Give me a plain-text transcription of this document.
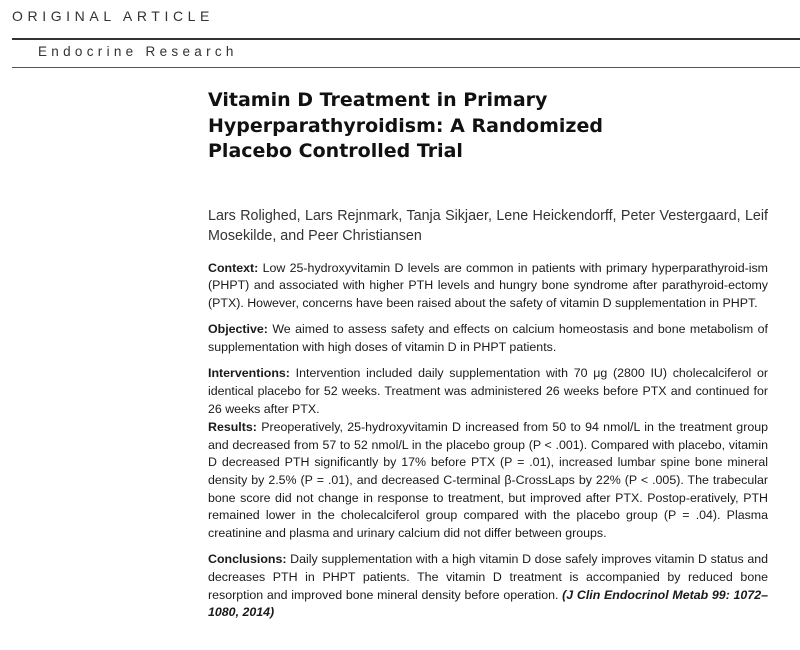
ORIGINAL ARTICLE
Endocrine Research
Vitamin D Treatment in Primary Hyperparathyroidism: A Randomized Placebo Controlled Trial
Lars Rolighed, Lars Rejnmark, Tanja Sikjaer, Lene Heickendorff, Peter Vestergaard, Leif Mosekilde, and Peer Christiansen

Context: Low 25-hydroxyvitamin D levels are common in patients with primary hyperparathyroid-ism (PHPT) and associated with higher PTH levels and hungry bone syndrome after parathyroid-ectomy (PTX). However, concerns have been raised about the safety of vitamin D supplementation in PHPT.

Objective: We aimed to assess safety and effects on calcium homeostasis and bone metabolism of supplementation with high doses of vitamin D in PHPT patients.

Interventions: Intervention included daily supplementation with 70 μg (2800 IU) cholecalciferol or identical placebo for 52 weeks. Treatment was administered 26 weeks before PTX and continued for 26 weeks after PTX.

Results: Preoperatively, 25-hydroxyvitamin D increased from 50 to 94 nmol/L in the treatment group and decreased from 57 to 52 nmol/L in the placebo group (P < .001). Compared with placebo, vitamin D decreased PTH significantly by 17% before PTX (P = .01), increased lumbar spine bone mineral density by 2.5% (P = .01), and decreased C-terminal β-CrossLaps by 22% (P < .005). The trabecular bone score did not change in response to treatment, but improved after PTX. Postop-eratively, PTH remained lower in the cholecalciferol group compared with the placebo group (P = .04). Plasma creatinine and plasma and urinary calcium did not differ between groups.

Conclusions: Daily supplementation with a high vitamin D dose safely improves vitamin D status and decreases PTH in PHPT patients. The vitamin D treatment is accompanied by reduced bone resorption and improved bone mineral density before operation. (J Clin Endocrinol Metab 99: 1072–1080, 2014)
